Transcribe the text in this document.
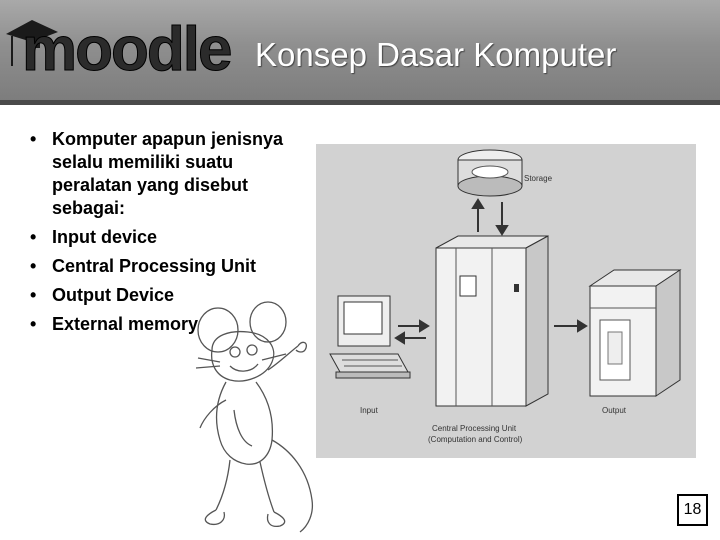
moodle Konsep Dasar Komputer
• Komputer apapun jenisnya
selalu memiliki suatu peralatan yang disebut sebagai:
• Input device
• Central Processing Unit
• Output Device
• External memory
Storage
Input	Output
Central Processing Unit
(Computation and Control)
18
